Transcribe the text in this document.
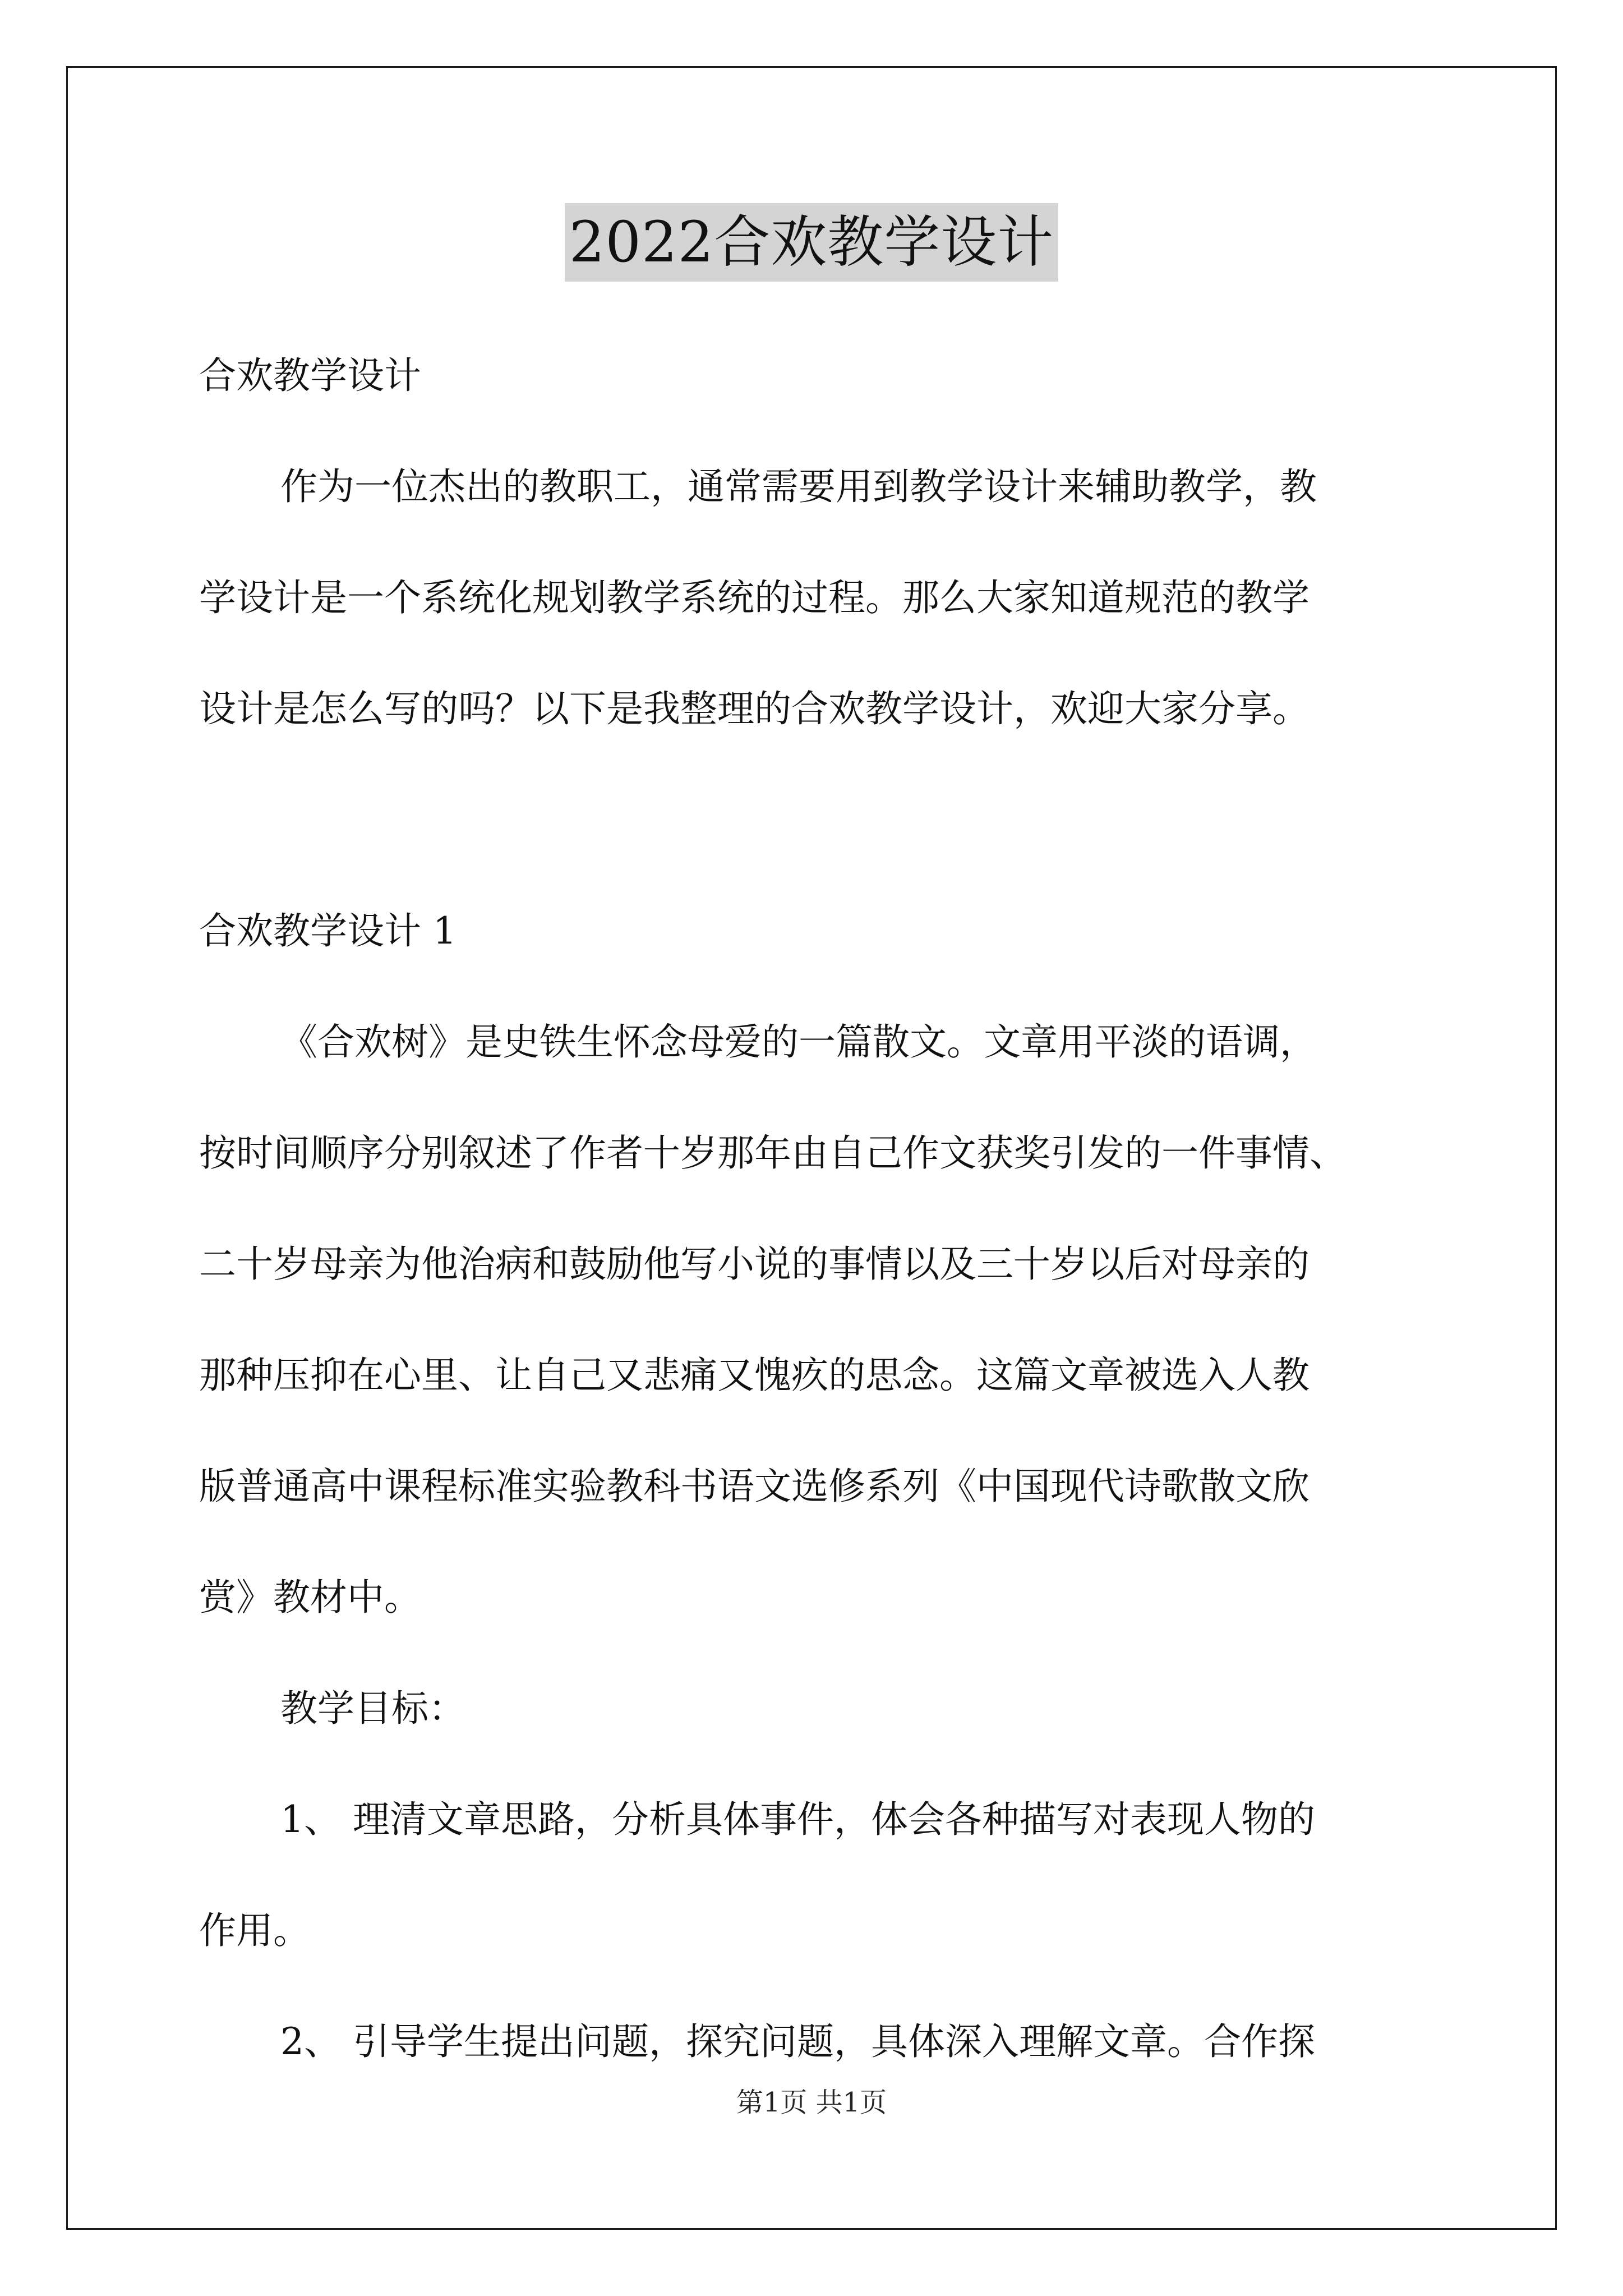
2022合欢教学设计

合欢教学设计

作为一位杰出的教职工，通常需要用到教学设计来辅助教学，教

学设计是一个系统化规划教学系统的过程。那么大家知道规范的教学

设计是怎么写的吗？以下是我整理的合欢教学设计，欢迎大家分享。

合欢教学设计 1

《合欢树》是史铁生怀念母爱的一篇散文。文章用平淡的语调，

按时间顺序分别叙述了作者十岁那年由自己作文获奖引发的一件事情、

二十岁母亲为他治病和鼓励他写小说的事情以及三十岁以后对母亲的

那种压抑在心里、让自己又悲痛又愧疚的思念。这篇文章被选入人教

版普通高中课程标准实验教科书语文选修系列《中国现代诗歌散文欣

赏》教材中。

教学目标：

1、 理清文章思路，分析具体事件，体会各种描写对表现人物的

作用。

2、 引导学生提出问题，探究问题，具体深入理解文章。合作探

第1页 共1页
